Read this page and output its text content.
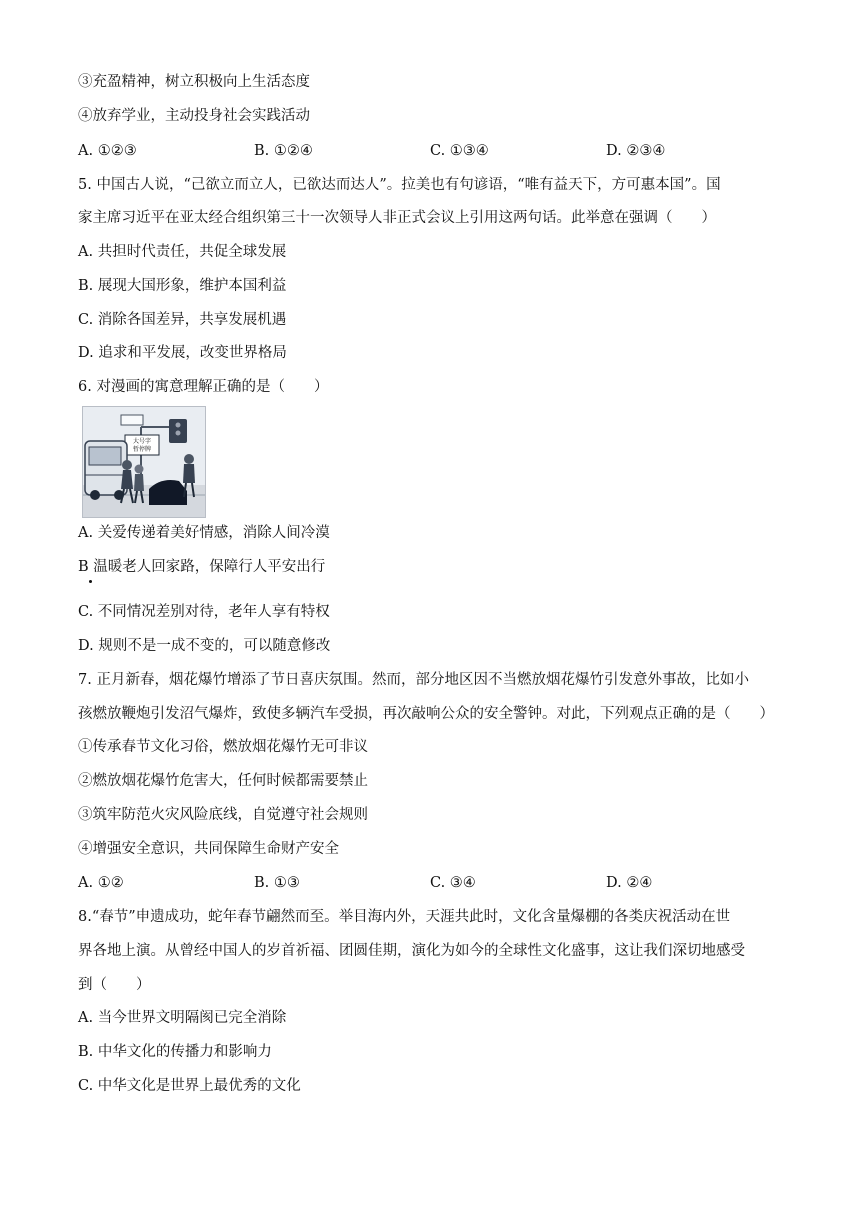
③充盈精神，树立积极向上生活态度
④放弃学业，主动投身社会实践活动
A. ①②③	B. ①②④	C. ①③④	D. ②③④
5. 中国古人说，“己欲立而立人，已欲达而达人”。拉美也有句谚语，“唯有益天下，方可惠本国”。国
家主席习近平在亚太经合组织第三十一次领导人非正式会议上引用这两句话。此举意在强调（　　）
A. 共担时代责任，共促全球发展
B. 展现大国形象，维护本国利益
C. 消除各国差异，共享发展机遇
D. 追求和平发展，改变世界格局
6. 对漫画的寓意理解正确的是（　　）
大号字
暂停牌
A. 关爱传递着美好情感，消除人间冷漠
B 温暖老人回家路，保障行人平安出行
C. 不同情况差别对待，老年人享有特权
D. 规则不是一成不变的，可以随意修改
7. 正月新春，烟花爆竹增添了节日喜庆氛围。然而，部分地区因不当燃放烟花爆竹引发意外事故，比如小
孩燃放鞭炮引发沼气爆炸，致使多辆汽车受损，再次敲响公众的安全警钟。对此，下列观点正确的是（　　）
①传承春节文化习俗，燃放烟花爆竹无可非议
②燃放烟花爆竹危害大，任何时候都需要禁止
③筑牢防范火灾风险底线，自觉遵守社会规则
④增强安全意识，共同保障生命财产安全
A. ①②	B. ①③	C. ③④	D. ②④
8.“春节”申遗成功，蛇年春节翩然而至。举目海内外，天涯共此时，文化含量爆棚的各类庆祝活动在世
界各地上演。从曾经中国人的岁首祈福、团圆佳期，演化为如今的全球性文化盛事，这让我们深切地感受
到（　　）
A. 当今世界文明隔阂已完全消除
B. 中华文化的传播力和影响力
C. 中华文化是世界上最优秀的文化
